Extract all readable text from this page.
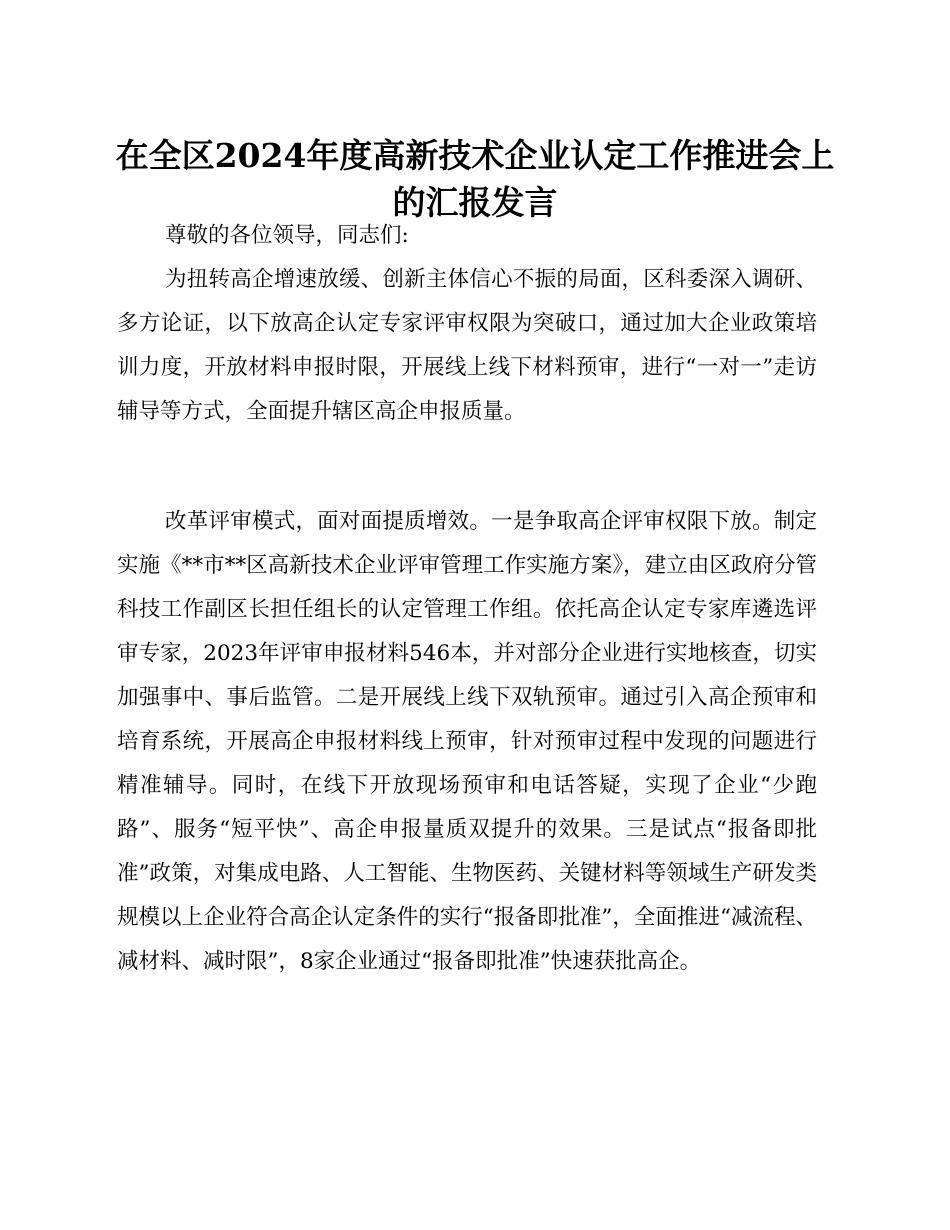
在全区2024年度高新技术企业认定工作推进会上的汇报发言

尊敬的各位领导，同志们:

为扭转高企增速放缓、创新主体信心不振的局面，区科委深入调研、多方论证，以下放高企认定专家评审权限为突破口，通过加大企业政策培训力度，开放材料申报时限，开展线上线下材料预审，进行“一对一”走访辅导等方式，全面提升辖区高企申报质量。

改革评审模式，面对面提质增效。一是争取高企评审权限下放。制定实施《**市**区高新技术企业评审管理工作实施方案》，建立由区政府分管科技工作副区长担任组长的认定管理工作组。依托高企认定专家库遴选评审专家，2023年评审申报材料546本，并对部分企业进行实地核查，切实加强事中、事后监管。二是开展线上线下双轨预审。通过引入高企预审和培育系统，开展高企申报材料线上预审，针对预审过程中发现的问题进行精准辅导。同时，在线下开放现场预审和电话答疑，实现了企业“少跑路”、服务“短平快”、高企申报量质双提升的效果。三是试点“报备即批准”政策，对集成电路、人工智能、生物医药、关键材料等领域生产研发类规模以上企业符合高企认定条件的实行“报备即批准”，全面推进“减流程、减材料、减时限”，8家企业通过“报备即批准”快速获批高企。
